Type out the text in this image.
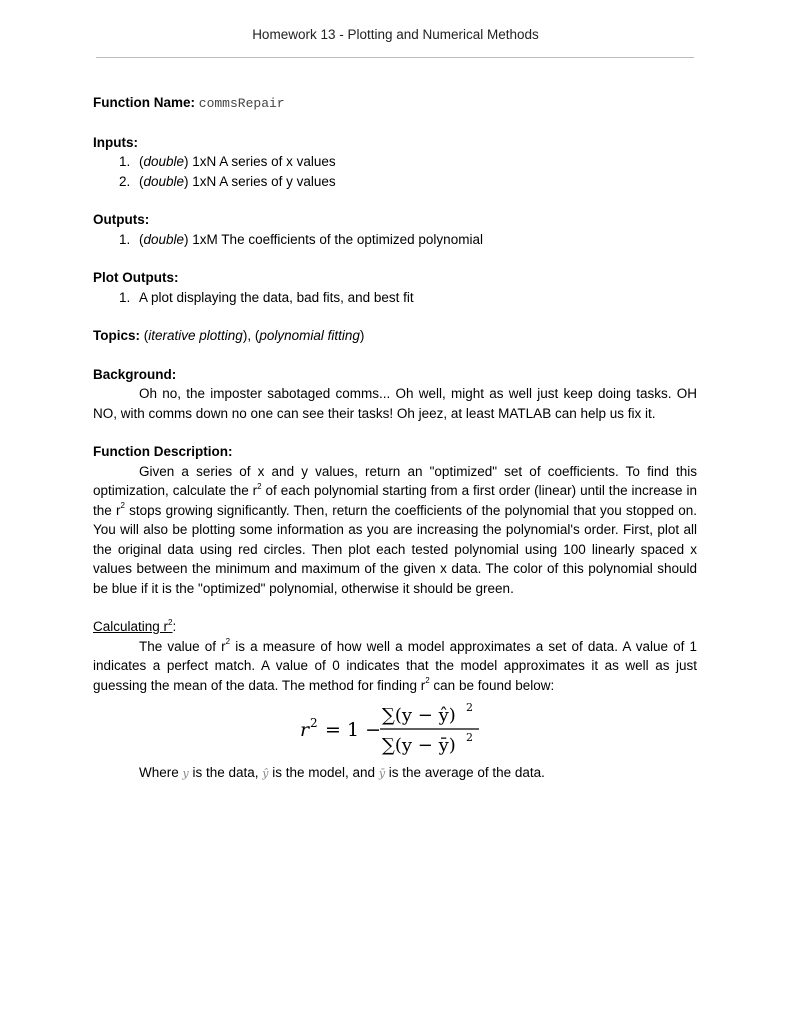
Homework 13 - Plotting and Numerical Methods
Function Name: commsRepair
Inputs:
1. (double) 1xN A series of x values
2. (double) 1xN A series of y values
Outputs:
1. (double) 1xM The coefficients of the optimized polynomial
Plot Outputs:
1. A plot displaying the data, bad fits, and best fit
Topics: (iterative plotting), (polynomial fitting)
Background:

Oh no, the imposter sabotaged comms... Oh well, might as well just keep doing tasks. OH NO, with comms down no one can see their tasks! Oh jeez, at least MATLAB can help us fix it.

Function Description:

Given a series of x and y values, return an "optimized" set of coefficients. To find this optimization, calculate the $r^2$ of each polynomial starting from a first order (linear) until the increase in the $r^2$ stops growing significantly. Then, return the coefficients of the polynomial that you stopped on. You will also be plotting some information as you are increasing the polynomial's order. First, plot all the original data using red circles. Then plot each tested polynomial using 100 linearly spaced x values between the minimum and maximum of the given x data. The color of this polynomial should be blue if it is the "optimized" polynomial, otherwise it should be green.

Calculating $r^2$:

The value of $r^2$ is a measure of how well a model approximates a set of data. A value of 1 indicates a perfect match. A value of 0 indicates that the model approximates it as well as just guessing the mean of the data. The method for finding $r^2$ can be found below:

r 2 = 1 −
∑(y − ŷ) 2
∑(y − ȳ) 2
Where y is the data, ŷ is the model, and ȳ is the average of the data.
